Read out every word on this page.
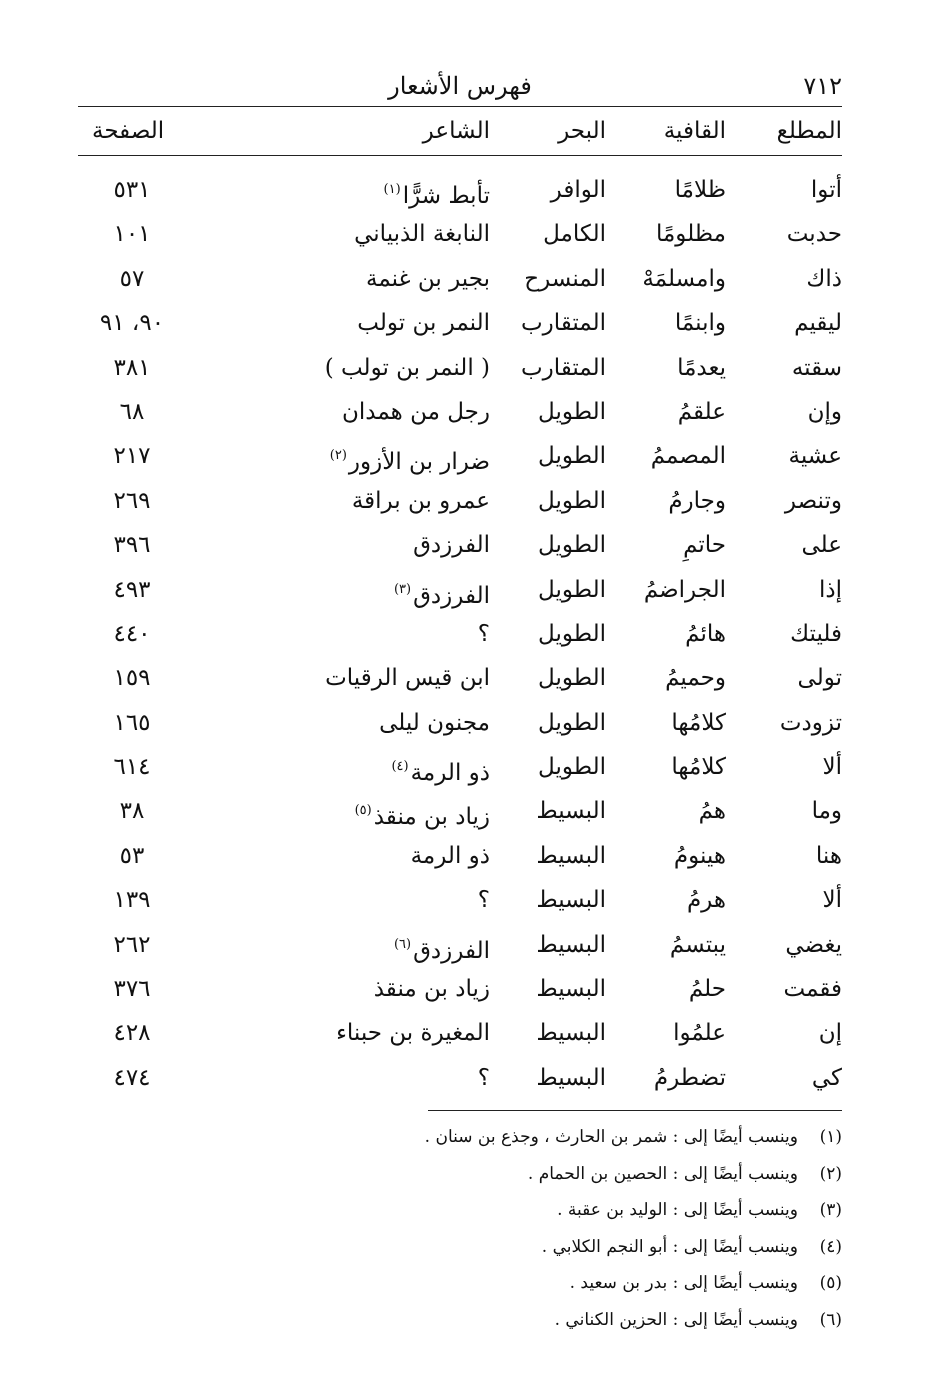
٧١٢
فهرس الأشعار
المطلع
القافية
البحر
الشاعر
الصفحة
أتوا
ظلامًا
الوافر
تأبط شرًّا$^{(١)}$
٥٣١
حدبت
مظلومًا
الكامل
النابغة الذبياني
١٠١
ذاك
وامسلمَهْ
المنسرح
بجير بن غنمة
٥٧
ليقيم
وابنمًا
المتقارب
النمر بن تولب
٩٠، ٩١
سقته
يعدمًا
المتقارب
( النمر بن تولب )
٣٨١
وإن
علقمُ
الطويل
رجل من همدان
٦٨
عشية
المصممُ
الطويل
ضرار بن الأزور$^{(٢)}$
٢١٧
وتنصر
وجارمُ
الطويل
عمرو بن براقة
٢٦٩
على
حاتمِ
الطويل
الفرزدق
٣٩٦
إذا
الجراضمُ
الطويل
الفرزدق$^{(٣)}$
٤٩٣
فليتك
هائمُ
الطويل
؟
٤٤٠
تولى
وحميمُ
الطويل
ابن قيس الرقيات
١٥٩
تزودت
كلامُها
الطويل
مجنون ليلى
١٦٥
ألا
كلامُها
الطويل
ذو الرمة$^{(٤)}$
٦١٤
وما
همُ
البسيط
زياد بن منقذ$^{(٥)}$
٣٨
هنا
هينومُ
البسيط
ذو الرمة
٥٣
ألا
هرمُ
البسيط
؟
١٣٩
يغضي
يبتسمُ
البسيط
الفرزدق$^{(٦)}$
٢٦٢
فقمت
حلمُ
البسيط
زياد بن منقذ
٣٧٦
إن
علمُوا
البسيط
المغيرة بن حبناء
٤٢٨
كي
تضطرمُ
البسيط
؟
٤٧٤
(١)وينسب أيضًا إلى : شمر بن الحارث ، وجذع بن سنان .
(٢)وينسب أيضًا إلى : الحصين بن الحمام .
(٣)وينسب أيضًا إلى : الوليد بن عقبة .
(٤)وينسب أيضًا إلى : أبو النجم الكلابي .
(٥)وينسب أيضًا إلى : بدر بن سعيد .
(٦)وينسب أيضًا إلى : الحزين الكناني .
